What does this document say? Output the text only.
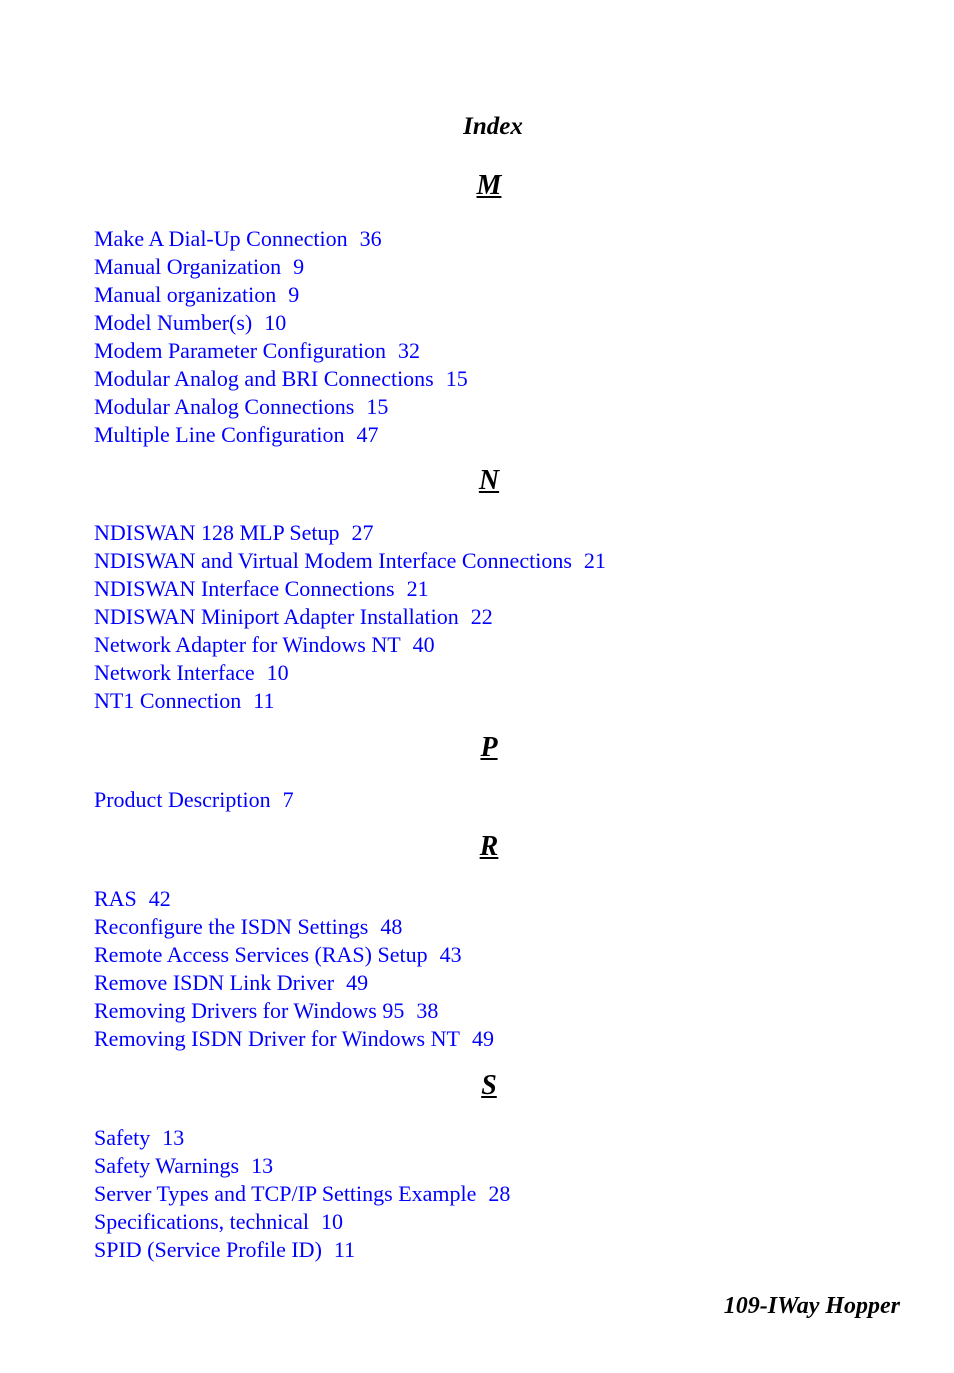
Index
M
Make A Dial-Up Connection 36
Manual Organization 9
Manual organization 9
Model Number(s) 10
Modem Parameter Configuration 32
Modular Analog and BRI Connections 15
Modular Analog Connections 15
Multiple Line Configuration 47
N
NDISWAN 128 MLP Setup 27
NDISWAN and Virtual Modem Interface Connections 21
NDISWAN Interface Connections 21
NDISWAN Miniport Adapter Installation 22
Network Adapter for Windows NT 40
Network Interface 10
NT1 Connection 11
P
Product Description 7
R
RAS 42
Reconfigure the ISDN Settings 48
Remote Access Services (RAS) Setup 43
Remove ISDN Link Driver 49
Removing Drivers for Windows 95 38
Removing ISDN Driver for Windows NT 49
S
Safety 13
Safety Warnings 13
Server Types and TCP/IP Settings Example 28
Specifications, technical 10
SPID (Service Profile ID) 11
109-IWay Hopper
